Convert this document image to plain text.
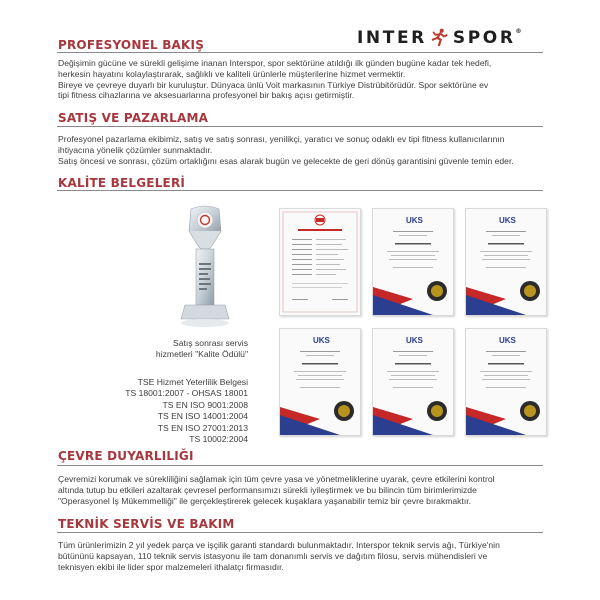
INTER SPOR®
PROFESYONEL BAKIŞ

Değişimin gücüne ve sürekli gelişime inanan Interspor, spor sektörüne atıldığı ilk günden bugüne kadar tek hedefi,

herkesin hayatını kolaylaştırarak, sağlıklı ve kaliteli ürünlerle müşterilerine hizmet vermektir.

Bireye ve çevreye duyarlı bir kuruluştur. Dünyaca ünlü Voit markasının Türkiye Distrübitörüdür. Spor sektörüne ev

tipi fitness cihazlarına ve aksesuarlarına profesyonel bir bakış açısı getirmiştir.

SATIŞ VE PAZARLAMA

Profesyonel pazarlama ekibimiz, satış ve satış sonrası, yenilikçi, yaratıcı ve sonuç odaklı ev tipi fitness kullanıcılarının

ihtiyacına yönelik çözümler sunmaktadır.

Satış öncesi ve sonrası, çözüm ortaklığını esas alarak bugün ve gelecekte de geri dönüş garantisini güvenle temin eder.

KALİTE BELGELERİ
Satış sonrası servis
hizmetleri "Kalite Ödülü"
TSE Hizmet Yeterlilik Belgesi
TS 18001:2007 - OHSAS 18001
TS EN ISO 9001:2008
TS EN ISO 14001:2004
TS EN ISO 27001:2013
TS 10002:2004
UKS	UKS
UKS	UKS	UKS
ÇEVRE DUYARLILIĞI

Çevremizi korumak ve sürekliliğini sağlamak için tüm çevre yasa ve yönetmeliklerine uyarak, çevre etkilerini kontrol

altında tutup bu etkileri azaltarak çevresel performansımızı sürekli iyileştirmek ve bu bilincin tüm birimlerimizde

"Operasyonel İş Mükemmelliği" ile gerçekleştirerek gelecek kuşaklara yaşanabilir temiz bir çevre bırakmaktır.

TEKNİK SERVİS VE BAKIM

Tüm ürünlerimizin 2 yıl yedek parça ve işçilik garanti standardı bulunmaktadır. Interspor teknik servis ağı, Türkiye'nin

bütününü kapsayan, 110 teknik servis istasyonu ile tam donanımlı servis ve dağıtım filosu, servis mühendisleri ve

teknisyen ekibi ile lider spor malzemeleri ithalatçı firmasıdır.
